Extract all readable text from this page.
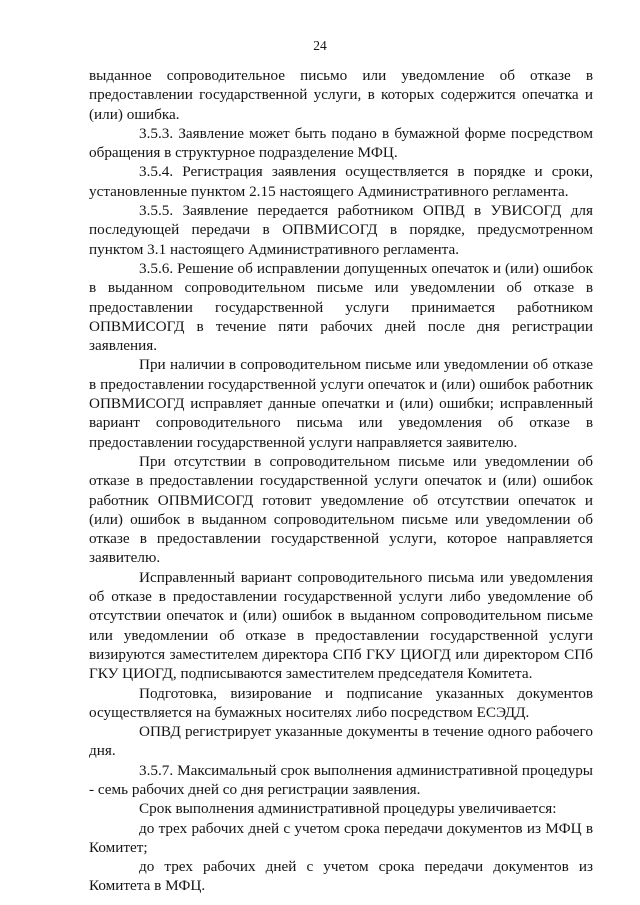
24

выданное сопроводительное письмо или уведомление об отказе в предоставлении государственной услуги, в которых содержится опечатка и (или) ошибка.

3.5.3. Заявление может быть подано в бумажной форме посредством обращения в структурное подразделение МФЦ.

3.5.4. Регистрация заявления осуществляется в порядке и сроки, установленные пунктом 2.15 настоящего Административного регламента.

3.5.5. Заявление передается работником ОПВД в УВИСОГД для последующей передачи в ОПВМИСОГД в порядке, предусмотренном пунктом 3.1 настоящего Административного регламента.

3.5.6. Решение об исправлении допущенных опечаток и (или) ошибок в выданном сопроводительном письме или уведомлении об отказе в предоставлении государственной услуги принимается работником ОПВМИСОГД в течение пяти рабочих дней после дня регистрации заявления.

При наличии в сопроводительном письме или уведомлении об отказе в предоставлении государственной услуги опечаток и (или) ошибок работник ОПВМИСОГД исправляет данные опечатки и (или) ошибки; исправленный вариант сопроводительного письма или уведомления об отказе в предоставлении государственной услуги направляется заявителю.

При отсутствии в сопроводительном письме или уведомлении об отказе в предоставлении государственной услуги опечаток и (или) ошибок работник ОПВМИСОГД готовит уведомление об отсутствии опечаток и (или) ошибок в выданном сопроводительном письме или уведомлении об отказе в предоставлении государственной услуги, которое направляется заявителю.

Исправленный вариант сопроводительного письма или уведомления об отказе в предоставлении государственной услуги либо уведомление об отсутствии опечаток и (или) ошибок в выданном сопроводительном письме или уведомлении об отказе в предоставлении государственной услуги визируются заместителем директора СПб ГКУ ЦИОГД или директором СПб ГКУ ЦИОГД, подписываются заместителем председателя Комитета.

Подготовка, визирование и подписание указанных документов осуществляется на бумажных носителях либо посредством ЕСЭДД.

ОПВД регистрирует указанные документы в течение одного рабочего дня.

3.5.7. Максимальный срок выполнения административной процедуры - семь рабочих дней со дня регистрации заявления.

Срок выполнения административной процедуры увеличивается:

до трех рабочих дней с учетом срока передачи документов из МФЦ в Комитет;

до трех рабочих дней с учетом срока передачи документов из Комитета в МФЦ.
